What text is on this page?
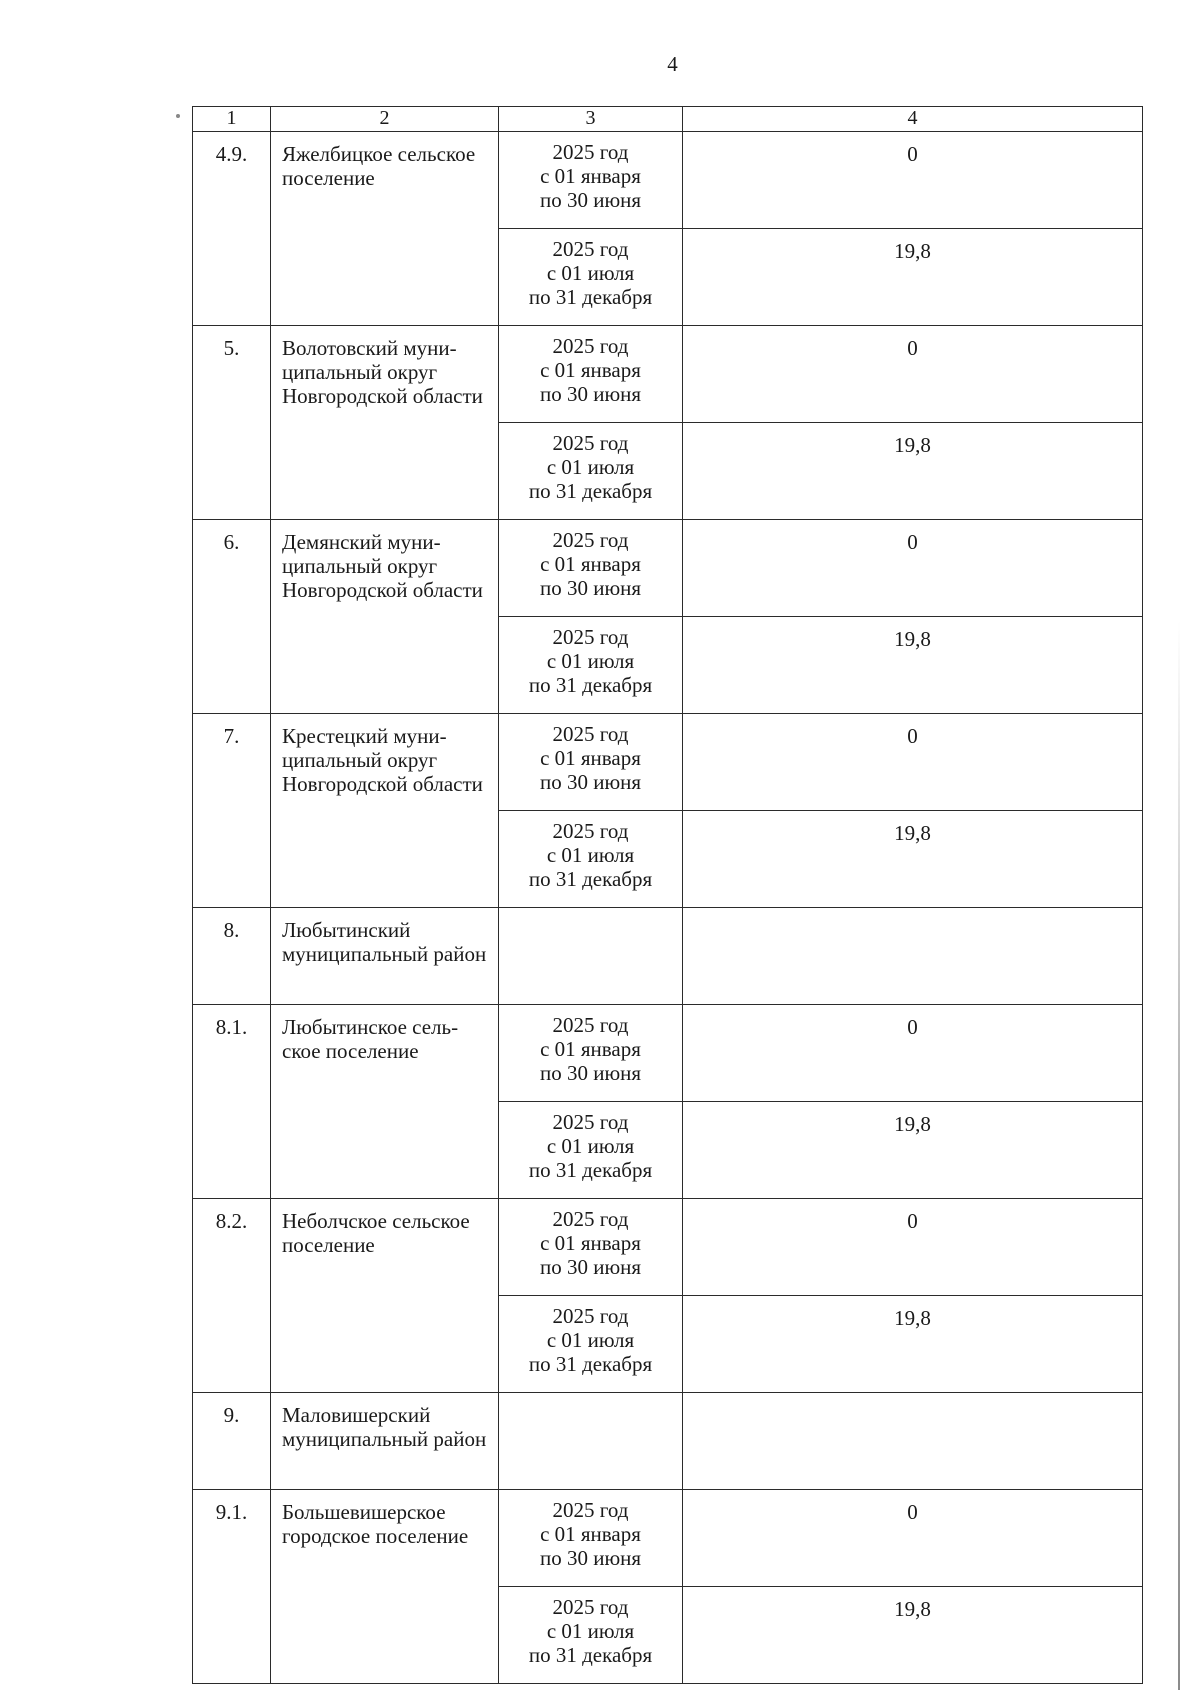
4
1	2	3	4
4.9.	Яжелбицкое сельское поселение	2025 год
с 01 января
по 30 июня	0

		2025 год
с 01 июля
по 31 декабря	19,8
5.	Волотовский муни-ципальный округ Новгородской области	2025 год
с 01 января
по 30 июня	0

		2025 год
с 01 июля
по 31 декабря	19,8
6.	Демянский муни-ципальный округ Новгородской области	2025 год
с 01 января
по 30 июня	0

		2025 год
с 01 июля
по 31 декабря	19,8
7.	Крестецкий муни-ципальный округ Новгородской области	2025 год
с 01 января
по 30 июня	0

		2025 год
с 01 июля
по 31 декабря	19,8
8.	Любытинский муниципальный район		
8.1.	Любытинское сель-ское поселение	2025 год
с 01 января
по 30 июня	0

		2025 год
с 01 июля
по 31 декабря	19,8
8.2.	Неболчское сельское поселение	2025 год
с 01 января
по 30 июня	0

		2025 год
с 01 июля
по 31 декабря	19,8
9.	Маловишерский муниципальный район		
9.1.	Большевишерское городское поселение	2025 год
с 01 января
по 30 июня	0

		2025 год
с 01 июля
по 31 декабря	19,8
